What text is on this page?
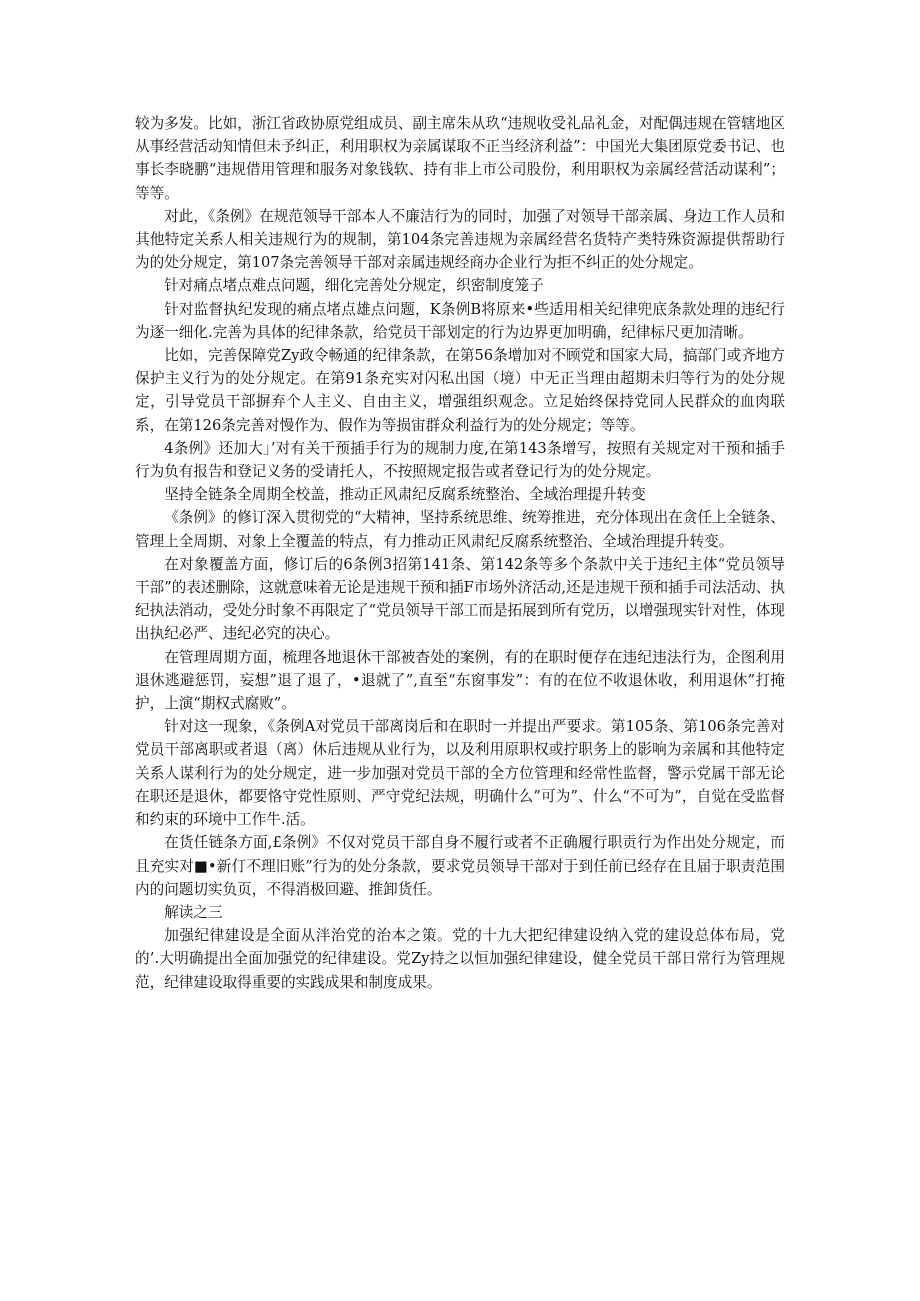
较为多发。比如，浙江省政协原党组成员、副主席朱从玖“违规收受礼品礼金，对配偶违规在管辖地区从事经营活动知情但未予纠正，利用职权为亲属谋取不正当经济利益”：中国光大集团原党委书记、也事长李晓鹏“违规借用管理和服务对象钱软、持有非上市公司股份，利用职权为亲属经营活动谋利”；等等。

对此，《条例》在规范领导干部本人不廉洁行为的同时，加强了对领导干部亲属、身边工作人员和其他特定关系人相关违规行为的规制，第104条完善违规为亲属经营名货特产类特殊资源提供帮助行为的处分规定，第107条完善领导干部对亲属违规经商办企业行为拒不纠正的处分规定。

针对痛点堵点难点问题，细化完善处分规定，织密制度笼子

针对监督执纪发现的痛点堵点雄点问题，K条例B将原来•些适用相关纪律兜底条款处理的违纪行为逐一细化.完善为具体的纪律条款，给党员干部划定的行为边界更加明确，纪律标尺更加清晰。

比如，完善保障党Zy政令畅通的纪律条款，在第56条增加对不顾党和国家大局，搞部门或齐地方保护主义行为的处分规定。在第91条充实对闪私出国（境）中无正当理由超期未归等行为的处分规定，引导党员干部摒弃个人主义、自由主义，增强组织观念。立足始终保持党同人民群众的血肉联系，在第126条完善对慢作为、假作为等损宙群众利益行为的处分规定；等等。

4条例》还加大」’对有关干预插手行为的规制力度,在第143条增写，按照有关规定对干预和插手行为负有报告和登记义务的受请托人，不按照规定报告或者登记行为的处分规定。

坚持全链条全周期全校盖，推动正风肃纪反腐系统整治、全域治理提升转变

《条例》的修订深入贯彻党的“大精神，坚持系统思维、统筹推进，充分体现出在贪任上全链条、管理上全周期、对象上全覆盖的特点，有力推动正风肃纪反腐系统整治、全域治理提升转变。

在对象覆盖方面，修订后的6条例3招第141条、第142条等多个条款中关于违纪主体“党员领导干部”的表述删除，这就意味着无论是违规干预和插F市场外济活动,还是违规干预和插手司法活动、执纪执法消动，受处分时象不再限定了“党员领导干部工而是拓展到所有党历，以增强现实针对性，体现出执纪必严、违纪必究的决心。

在管理周期方面，梳理各地退休干部被杳处的案例，有的在职时便存在违纪违法行为，企图利用退休逃避惩罚，妄想”退了退了，•退就了”,直至“东窗事发”：有的在位不收退休收，利用退休”打掩护，上演“期权式腐败”。

针对这一现象，《条例A对党员干部离岗后和在职时一并提出严要求。第105条、第106条完善对党员干部离职或者退（离）休后违规从业行为，以及利用原职权或拧职务上的影响为亲属和其他特定关系人谋利行为的处分规定，进一步加强对党员干部的全方位管理和经常性监督，警示党属干部无论在职还是退休，都要恪守党性原则、严守党纪法规，明确什么”可为”、什么“不可为”，自觉在受监督和约束的环境中工作牛.活。

在货任链条方面,£条例》不仅对党员干部自身不履行或者不正确履行职贡行为作出处分规定，而且充实对■•新仃不理旧账”行为的处分条款，要求党员领导干部对于到任前已经存在且届于职责范围内的问题切实负页，不得消极回避、推卸货任。

解读之三

加强纪律建设是全面从泮治党的治本之策。党的十九大把纪律建设纳入党的建设总体布局，党的’.大明确提出全面加强党的纪律建设。党Zy持之以恒加强纪律建设，健全党员干部日常行为管理规范，纪律建设取得重要的实践成果和制度成果。
